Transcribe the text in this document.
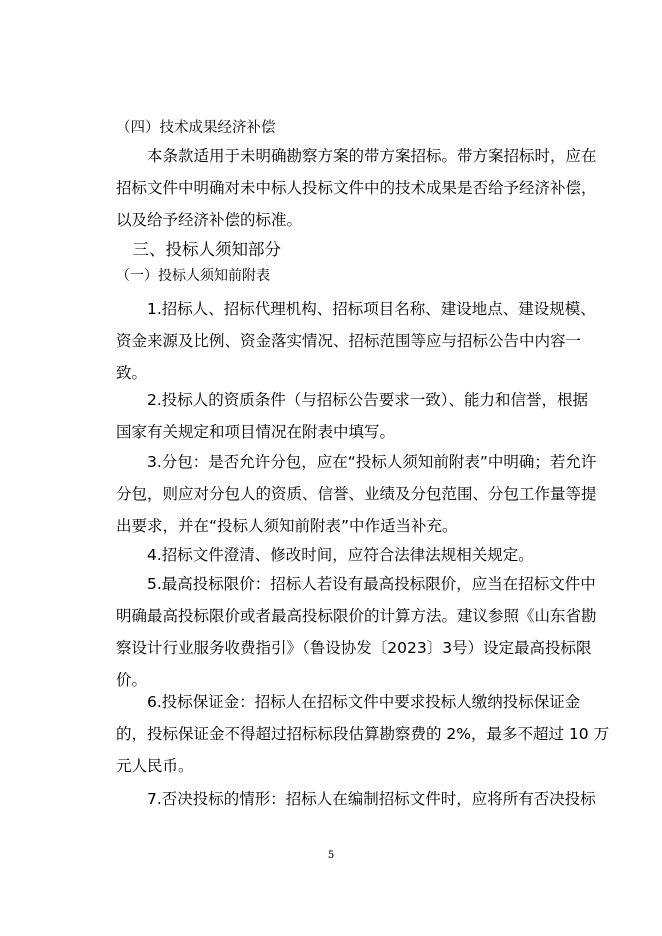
（四）技术成果经济补偿
　　本条款适用于未明确勘察方案的带方案招标。带方案招标时，应在
招标文件中明确对未中标人投标文件中的技术成果是否给予经济补偿，
以及给予经济补偿的标准。
　三、投标人须知部分
（一）投标人须知前附表
　　1.招标人、招标代理机构、招标项目名称、建设地点、建设规模、
资金来源及比例、资金落实情况、招标范围等应与招标公告中内容一
致。
　　2.投标人的资质条件（与招标公告要求一致）、能力和信誉，根据
国家有关规定和项目情况在附表中填写。
　　3.分包：是否允许分包，应在“投标人须知前附表”中明确；若允许
分包，则应对分包人的资质、信誉、业绩及分包范围、分包工作量等提
出要求，并在“投标人须知前附表”中作适当补充。
　　4.招标文件澄清、修改时间，应符合法律法规相关规定。
　　5.最高投标限价：招标人若设有最高投标限价，应当在招标文件中
明确最高投标限价或者最高投标限价的计算方法。建议参照《山东省勘
察设计行业服务收费指引》（鲁设协发〔2023〕3号）设定最高投标限
价。
　　6.投标保证金：招标人在招标文件中要求投标人缴纳投标保证金
的，投标保证金不得超过招标标段估算勘察费的 2%，最多不超过 10 万
元人民币。
　　7.否决投标的情形：招标人在编制招标文件时，应将所有否决投标
5
